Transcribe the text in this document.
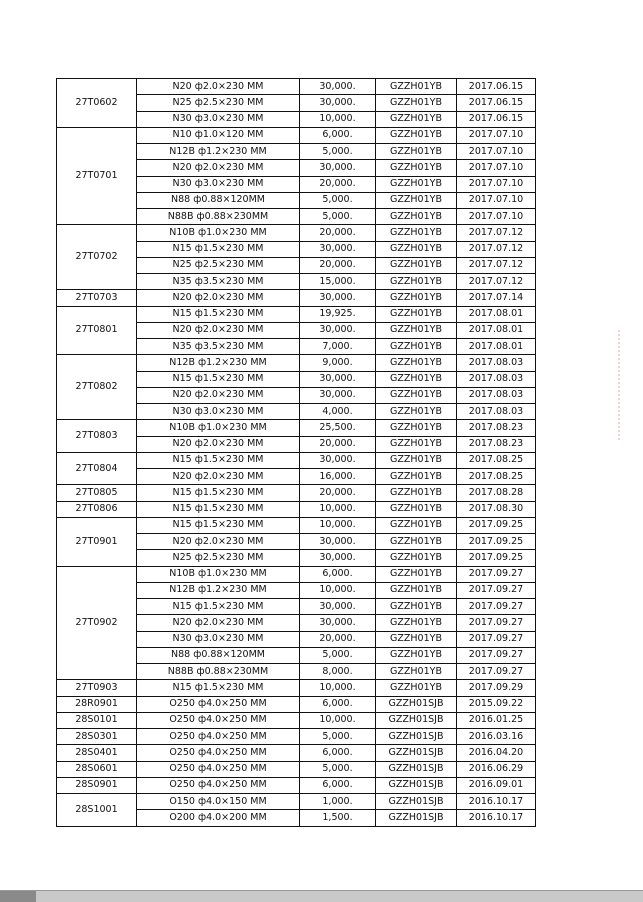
27T0602	N20 ф2.0×230 MM	30,000.	GZZH01YB	2017.06.15
	N25 ф2.5×230 MM	30,000.	GZZH01YB	2017.06.15
	N30 ф3.0×230 MM	10,000.	GZZH01YB	2017.06.15
27T0701	N10 ф1.0×120 MM	6,000.	GZZH01YB	2017.07.10
	N12B ф1.2×230 MM	5,000.	GZZH01YB	2017.07.10
	N20 ф2.0×230 MM	30,000.	GZZH01YB	2017.07.10
	N30 ф3.0×230 MM	20,000.	GZZH01YB	2017.07.10
	N88 ф0.88×120MM	5,000.	GZZH01YB	2017.07.10
	N88B ф0.88×230MM	5,000.	GZZH01YB	2017.07.10
27T0702	N10B ф1.0×230 MM	20,000.	GZZH01YB	2017.07.12
	N15 ф1.5×230 MM	30,000.	GZZH01YB	2017.07.12
	N25 ф2.5×230 MM	20,000.	GZZH01YB	2017.07.12
	N35 ф3.5×230 MM	15,000.	GZZH01YB	2017.07.12
27T0703	N20 ф2.0×230 MM	30,000.	GZZH01YB	2017.07.14
27T0801	N15 ф1.5×230 MM	19,925.	GZZH01YB	2017.08.01
	N20 ф2.0×230 MM	30,000.	GZZH01YB	2017.08.01
	N35 ф3.5×230 MM	7,000.	GZZH01YB	2017.08.01
27T0802	N12B ф1.2×230 MM	9,000.	GZZH01YB	2017.08.03
	N15 ф1.5×230 MM	30,000.	GZZH01YB	2017.08.03
	N20 ф2.0×230 MM	30,000.	GZZH01YB	2017.08.03
	N30 ф3.0×230 MM	4,000.	GZZH01YB	2017.08.03
27T0803	N10B ф1.0×230 MM	25,500.	GZZH01YB	2017.08.23
	N20 ф2.0×230 MM	20,000.	GZZH01YB	2017.08.23
27T0804	N15 ф1.5×230 MM	30,000.	GZZH01YB	2017.08.25
	N20 ф2.0×230 MM	16,000.	GZZH01YB	2017.08.25
27T0805	N15 ф1.5×230 MM	20,000.	GZZH01YB	2017.08.28
27T0806	N15 ф1.5×230 MM	10,000.	GZZH01YB	2017.08.30
27T0901	N15 ф1.5×230 MM	10,000.	GZZH01YB	2017.09.25
	N20 ф2.0×230 MM	30,000.	GZZH01YB	2017.09.25
	N25 ф2.5×230 MM	30,000.	GZZH01YB	2017.09.25
27T0902	N10B ф1.0×230 MM	6,000.	GZZH01YB	2017.09.27
	N12B ф1.2×230 MM	10,000.	GZZH01YB	2017.09.27
	N15 ф1.5×230 MM	30,000.	GZZH01YB	2017.09.27
	N20 ф2.0×230 MM	30,000.	GZZH01YB	2017.09.27
	N30 ф3.0×230 MM	20,000.	GZZH01YB	2017.09.27
	N88 ф0.88×120MM	5,000.	GZZH01YB	2017.09.27
	N88B ф0.88×230MM	8,000.	GZZH01YB	2017.09.27
27T0903	N15 ф1.5×230 MM	10,000.	GZZH01YB	2017.09.29
28R0901	O250 ф4.0×250 MM	6,000.	GZZH01SJB	2015.09.22
28S0101	O250 ф4.0×250 MM	10,000.	GZZH01SJB	2016.01.25
28S0301	O250 ф4.0×250 MM	5,000.	GZZH01SJB	2016.03.16
28S0401	O250 ф4.0×250 MM	6,000.	GZZH01SJB	2016.04.20
28S0601	O250 ф4.0×250 MM	5,000.	GZZH01SJB	2016.06.29
28S0901	O250 ф4.0×250 MM	6,000.	GZZH01SJB	2016.09.01
28S1001	O150 ф4.0×150 MM	1,000.	GZZH01SJB	2016.10.17
	O200 ф4.0×200 MM	1,500.	GZZH01SJB	2016.10.17
